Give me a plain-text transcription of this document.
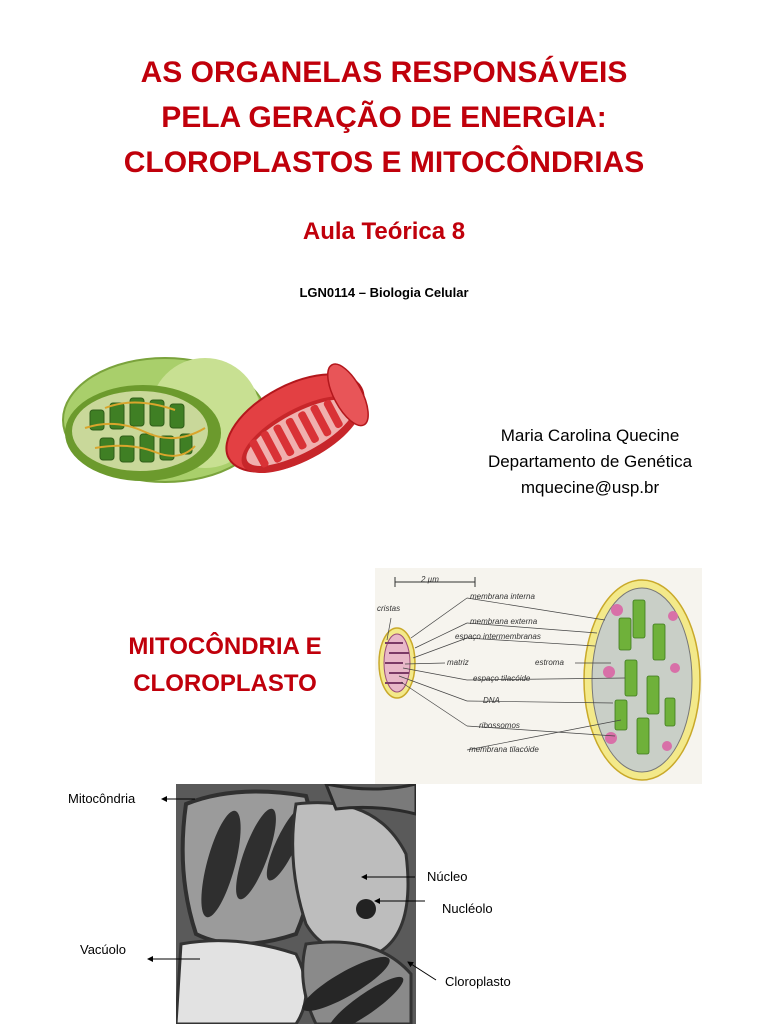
AS ORGANELAS RESPONSÁVEIS
PELA GERAÇÃO DE ENERGIA:
CLOROPLASTOS E MITOCÔNDRIAS
Aula Teórica 8
LGN0114 – Biologia Celular
Maria Carolina Quecine
Departamento de Genética
mquecine@usp.br
MITOCÔNDRIA E
CLOROPLASTO
2 µm
cristas
membrana interna
membrana externa
espaço intermembranas
matriz	estroma
espaço tilacóide
DNA
ribossomos
membrana tilacóide
Mitocôndria
Núcleo
Nucléolo
Vacúolo
Cloroplasto
